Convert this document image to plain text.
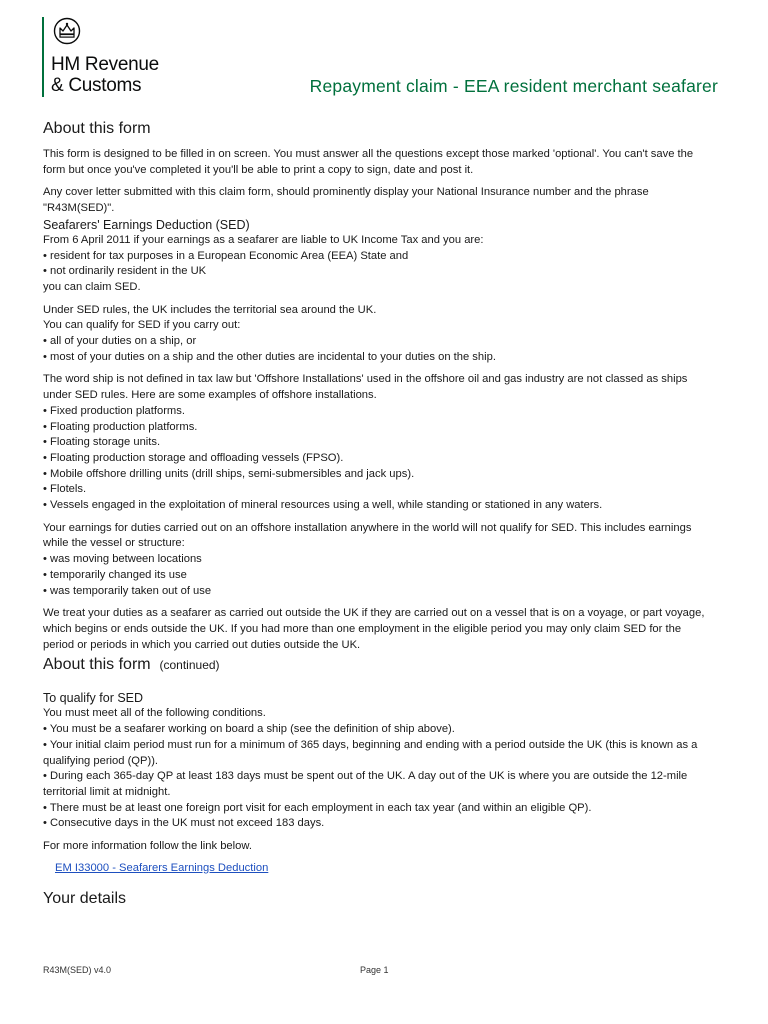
HM Revenue
& Customs	Repayment claim - EEA resident merchant seafarer
About this form

This form is designed to be filled in on screen. You must answer all the questions except those marked 'optional'. You can't save the

form but once you've completed it you'll be able to print a copy to sign, date and post it.

Any cover letter submitted with this claim form, should prominently display your National Insurance number and the phrase

"R43M(SED)".

Seafarers' Earnings Deduction (SED)

From 6 April 2011 if your earnings as a seafarer are liable to UK Income Tax and you are:

• resident for tax purposes in a European Economic Area (EEA) State and

• not ordinarily resident in the UK

you can claim SED.

Under SED rules, the UK includes the territorial sea around the UK.

You can qualify for SED if you carry out:

• all of your duties on a ship, or

• most of your duties on a ship and the other duties are incidental to your duties on the ship.

The word ship is not defined in tax law but 'Offshore Installations' used in the offshore oil and gas industry are not classed as ships

under SED rules. Here are some examples of offshore installations.

• Fixed production platforms.

• Floating production platforms.

• Floating storage units.

• Floating production storage and offloading vessels (FPSO).

• Mobile offshore drilling units (drill ships, semi-submersibles and jack ups).

• Flotels.

• Vessels engaged in the exploitation of mineral resources using a well, while standing or stationed in any waters.

Your earnings for duties carried out on an offshore installation anywhere in the world will not qualify for SED. This includes earnings

while the vessel or structure:

• was moving between locations

• temporarily changed its use

• was temporarily taken out of use

We treat your duties as a seafarer as carried out outside the UK if they are carried out on a vessel that is on a voyage, or part voyage,

which begins or ends outside the UK. If you had more than one employment in the eligible period you may only claim SED for the

period or periods in which you carried out duties outside the UK.

About this form (continued)
To qualify for SED

You must meet all of the following conditions.

• You must be a seafarer working on board a ship (see the definition of ship above).

• Your initial claim period must run for a minimum of 365 days, beginning and ending with a period outside the UK (this is known as a

qualifying period (QP)).

• During each 365-day QP at least 183 days must be spent out of the UK. A day out of the UK is where you are outside the 12-mile

territorial limit at midnight.

• There must be at least one foreign port visit for each employment in each tax year (and within an eligible QP).

• Consecutive days in the UK must not exceed 183 days.

For more information follow the link below.

EM I33000 - Seafarers Earnings Deduction

Your details
R43M(SED) v4.0	Page 1
